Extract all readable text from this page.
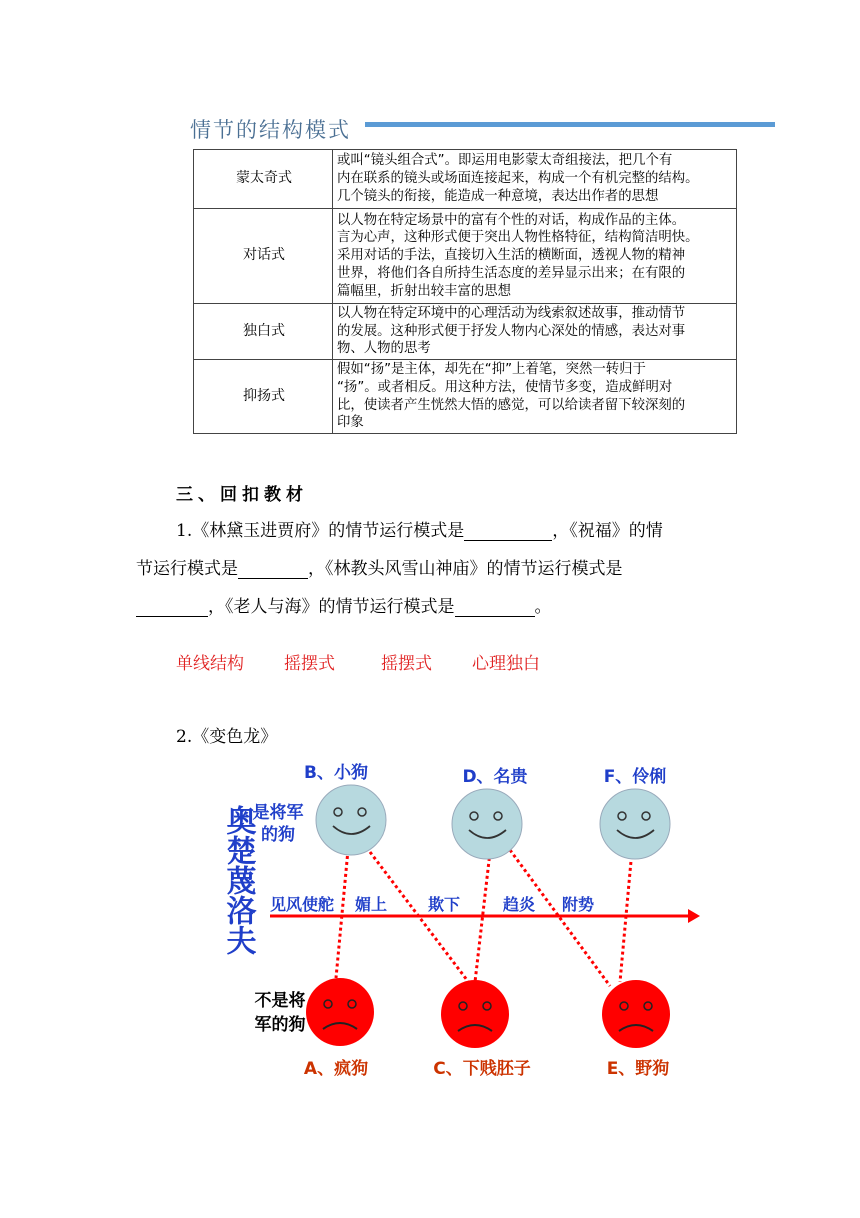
情节的结构模式
蒙太奇式	或叫“镜头组合式”。即运用电影蒙太奇组接法，把几个有
内在联系的镜头或场面连接起来，构成一个有机完整的结构。
几个镜头的衔接，能造成一种意境，表达出作者的思想

对话式	以人物在特定场景中的富有个性的对话，构成作品的主体。
言为心声，这种形式便于突出人物性格特征，结构简洁明快。
采用对话的手法，直接切入生活的横断面，透视人物的精神
世界，将他们各自所持生活态度的差异显示出来；在有限的
篇幅里，折射出较丰富的思想

独白式	以人物在特定环境中的心理活动为线索叙述故事，推动情节
的发展。这种形式便于抒发人物内心深处的情感，表达对事
物、人物的思考

抑扬式	假如“扬”是主体，却先在“抑”上着笔，突然一转归于
“扬”。或者相反。用这种方法，使情节多变，造成鲜明对
比，使读者产生恍然大悟的感觉，可以给读者留下较深刻的
印象
三、回扣教材
1.《林黛玉进贾府》的情节运行模式是	，《祝福》的情
节运行模式是	，《林教头风雪山神庙》的情节运行模式是
，《老人与海》的情节运行模式是	。
单线结构 摇摆式	摇摆式 心理独白
2.《变色龙》
奥楚蔑洛夫
是将军
的狗
不是将
军的狗
B、小狗	D、名贵	F、伶俐
见风使舵 媚上	欺下	趋炎 附势
A、疯狗	C、下贱胚子	E、野狗
